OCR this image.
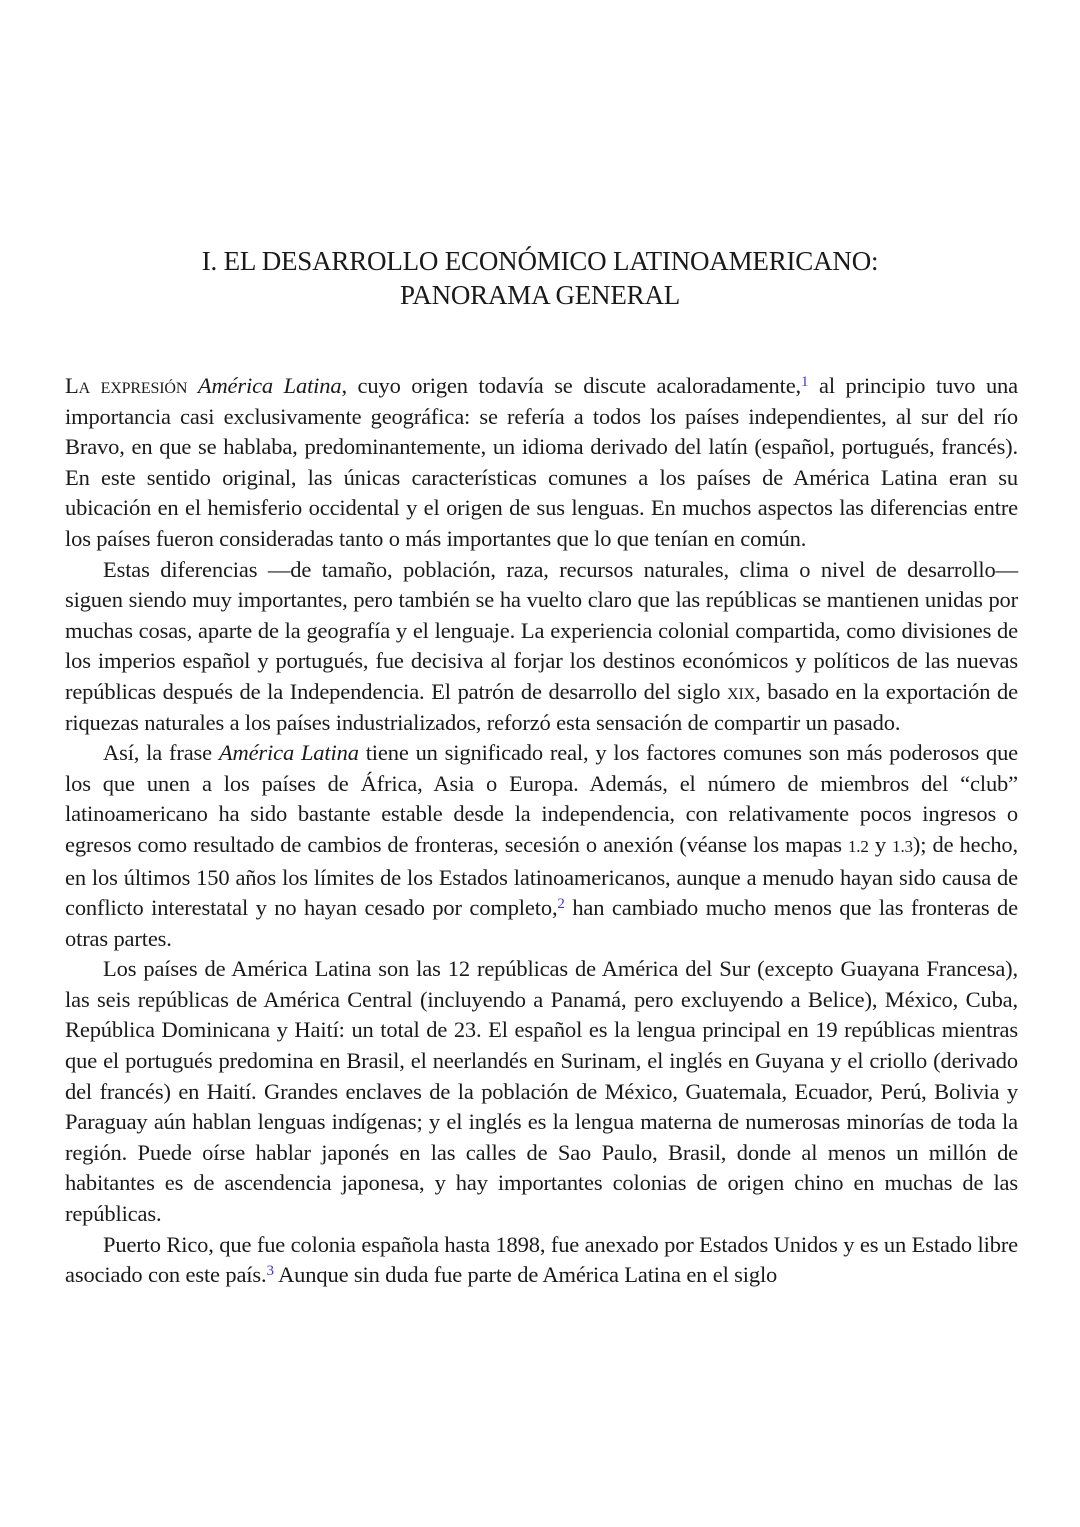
I. EL DESARROLLO ECONÓMICO LATINOAMERICANO:
PANORAMA GENERAL

La expresión América Latina, cuyo origen todavía se discute acaloradamente,$^1$ al principio tuvo una importancia casi exclusivamente geográfica: se refería a todos los países independientes, al sur del río Bravo, en que se hablaba, predominantemente, un idioma derivado del latín (español, portugués, francés). En este sentido original, las únicas características comunes a los países de América Latina eran su ubicación en el hemisferio occidental y el origen de sus lenguas. En muchos aspectos las diferencias entre los países fueron consideradas tanto o más importantes que lo que tenían en común.

Estas diferencias —de tamaño, población, raza, recursos naturales, clima o nivel de desarrollo— siguen siendo muy importantes, pero también se ha vuelto claro que las repúblicas se mantienen unidas por muchas cosas, aparte de la geografía y el lenguaje. La experiencia colonial compartida, como divisiones de los imperios español y portugués, fue decisiva al forjar los destinos económicos y políticos de las nuevas repúblicas después de la Independencia. El patrón de desarrollo del siglo xix, basado en la exportación de riquezas naturales a los países industrializados, reforzó esta sensación de compartir un pasado.

Así, la frase América Latina tiene un significado real, y los factores comunes son más poderosos que los que unen a los países de África, Asia o Europa. Además, el número de miembros del “club” latinoamericano ha sido bastante estable desde la independencia, con relativamente pocos ingresos o egresos como resultado de cambios de fronteras, secesión o anexión (véanse los mapas 1.2 y 1.3); de hecho, en los últimos 150 años los límites de los Estados latinoamericanos, aunque a menudo hayan sido causa de conflicto interestatal y no hayan cesado por completo,$^2$ han cambiado mucho menos que las fronteras de otras partes.

Los países de América Latina son las 12 repúblicas de América del Sur (excepto Guayana Francesa), las seis repúblicas de América Central (incluyendo a Panamá, pero excluyendo a Belice), México, Cuba, República Dominicana y Haití: un total de 23. El español es la lengua principal en 19 repúblicas mientras que el portugués predomina en Brasil, el neerlandés en Surinam, el inglés en Guyana y el criollo (derivado del francés) en Haití. Grandes enclaves de la población de México, Guatemala, Ecuador, Perú, Bolivia y Paraguay aún hablan lenguas indígenas; y el inglés es la lengua materna de numerosas minorías de toda la región. Puede oírse hablar japonés en las calles de Sao Paulo, Brasil, donde al menos un millón de habitantes es de ascendencia japonesa, y hay importantes colonias de origen chino en muchas de las repúblicas.

Puerto Rico, que fue colonia española hasta 1898, fue anexado por Estados Unidos y es un Estado libre asociado con este país.$^3$ Aunque sin duda fue parte de América Latina en el siglo
